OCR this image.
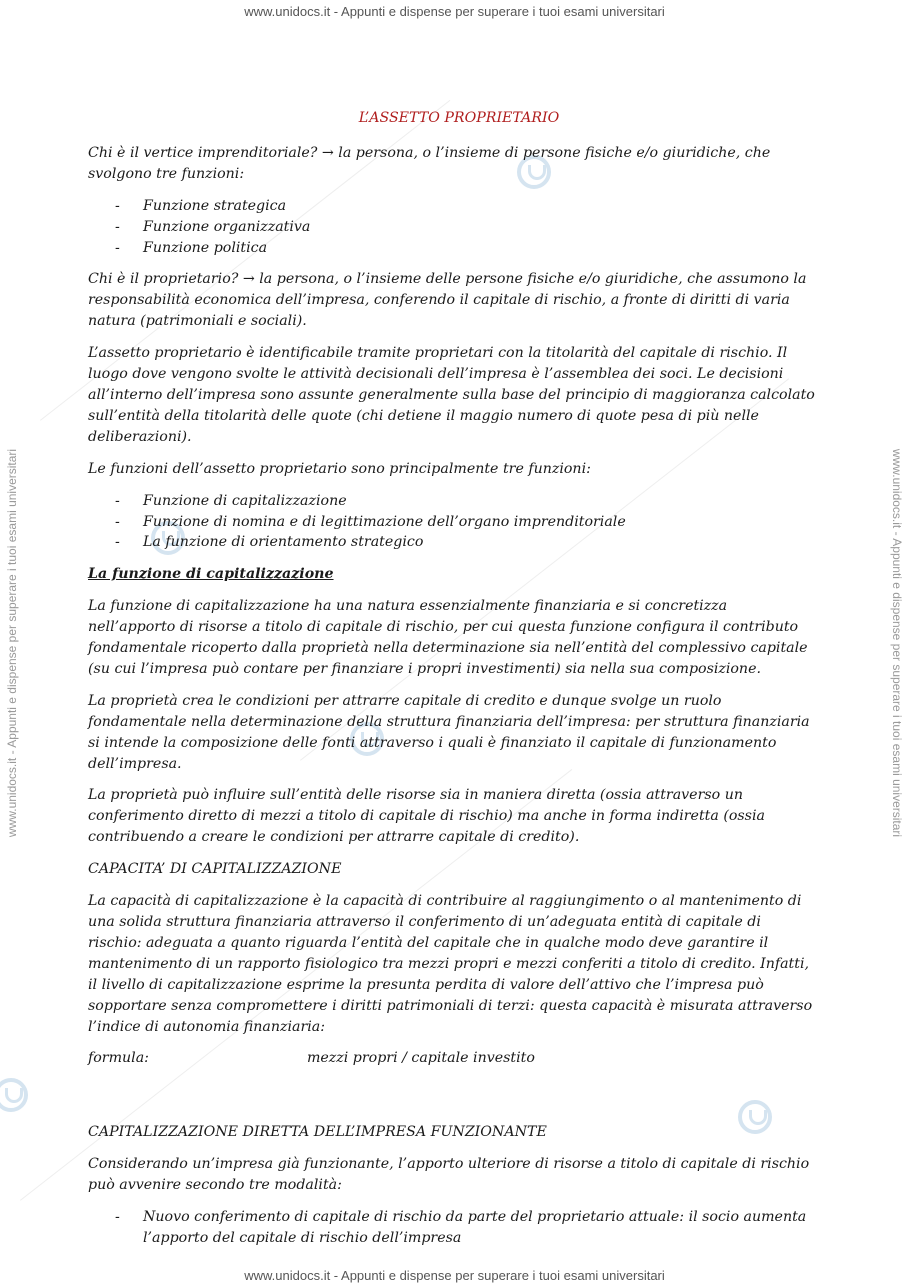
www.unidocs.it - Appunti e dispense per superare i tuoi esami universitari
www.unidocs.it - Appunti e dispense per superare i tuoi esami universitari
www.unidocs.it - Appunti e dispense per superare i tuoi esami universitari	www.unidocs.it - Appunti e dispense per superare i tuoi esami universitari
L’ASSETTO PROPRIETARIO

Chi è il vertice imprenditoriale? → la persona, o l’insieme di persone fisiche e/o giuridiche, che svolgono tre funzioni:

- Funzione strategica
- Funzione organizzativa
- Funzione politica

Chi è il proprietario? → la persona, o l’insieme delle persone fisiche e/o giuridiche, che assumono la responsabilità economica dell’impresa, conferendo il capitale di rischio, a fronte di diritti di varia natura (patrimoniali e sociali).

L’assetto proprietario è identificabile tramite proprietari con la titolarità del capitale di rischio. Il luogo dove vengono svolte le attività decisionali dell’impresa è l’assemblea dei soci. Le decisioni all’interno dell’impresa sono assunte generalmente sulla base del principio di maggioranza calcolato sull’entità della titolarità delle quote (chi detiene il maggio numero di quote pesa di più nelle deliberazioni).

Le funzioni dell’assetto proprietario sono principalmente tre funzioni:

- Funzione di capitalizzazione
- Funzione di nomina e di legittimazione dell’organo imprenditoriale
- La funzione di orientamento strategico
La funzione di capitalizzazione

La funzione di capitalizzazione ha una natura essenzialmente finanziaria e si concretizza nell’apporto di risorse a titolo di capitale di rischio, per cui questa funzione configura il contributo fondamentale ricoperto dalla proprietà nella determinazione sia nell’entità del complessivo capitale (su cui l’impresa può contare per finanziare i propri investimenti) sia nella sua composizione.

La proprietà crea le condizioni per attrarre capitale di credito e dunque svolge un ruolo fondamentale nella determinazione della struttura finanziaria dell’impresa: per struttura finanziaria si intende la composizione delle fonti attraverso i quali è finanziato il capitale di funzionamento dell’impresa.

La proprietà può influire sull’entità delle risorse sia in maniera diretta (ossia attraverso un conferimento diretto di mezzi a titolo di capitale di rischio) ma anche in forma indiretta (ossia contribuendo a creare le condizioni per attrarre capitale di credito).

CAPACITA’ DI CAPITALIZZAZIONE

La capacità di capitalizzazione è la capacità di contribuire al raggiungimento o al mantenimento di una solida struttura finanziaria attraverso il conferimento di un’adeguata entità di capitale di rischio: adeguata a quanto riguarda l’entità del capitale che in qualche modo deve garantire il mantenimento di un rapporto fisiologico tra mezzi propri e mezzi conferiti a titolo di credito. Infatti, il livello di capitalizzazione esprime la presunta perdita di valore dell’attivo che l’impresa può sopportare senza compromettere i diritti patrimoniali di terzi: questa capacità è misurata attraverso l’indice di autonomia finanziaria:

formula:	mezzi propri / capitale investito

CAPITALIZZAZIONE DIRETTA DELL’IMPRESA FUNZIONANTE

Considerando un’impresa già funzionante, l’apporto ulteriore di risorse a titolo di capitale di rischio può avvenire secondo tre modalità:

- Nuovo conferimento di capitale di rischio da parte del proprietario attuale: il socio aumenta l’apporto del capitale di rischio dell’impresa
